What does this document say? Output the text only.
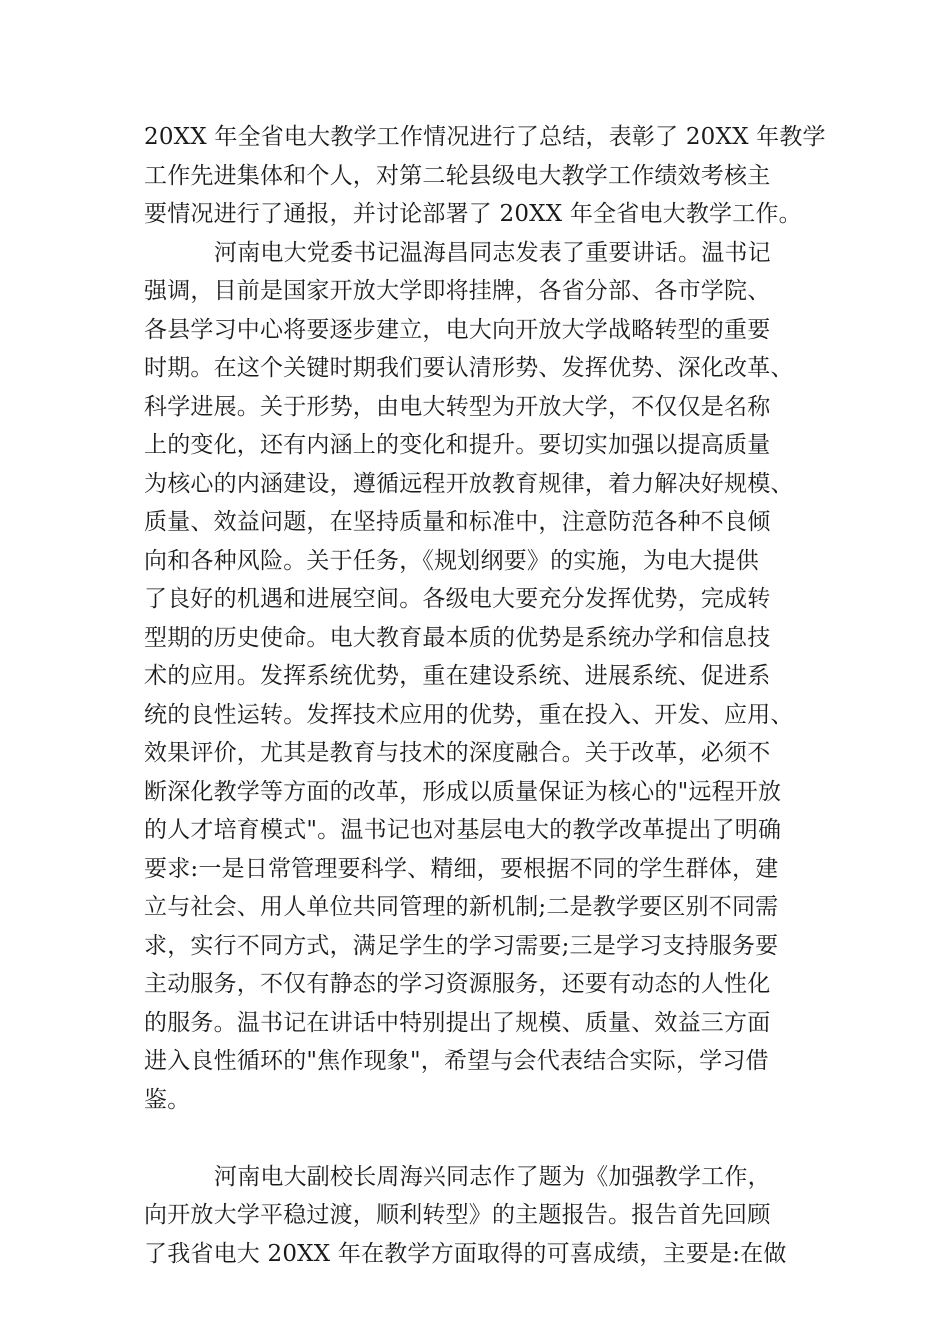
20XX 年全省电大教学工作情况进行了总结，表彰了 20XX 年教学
工作先进集体和个人，对第二轮县级电大教学工作绩效考核主
要情况进行了通报，并讨论部署了 20XX 年全省电大教学工作。
河南电大党委书记温海昌同志发表了重要讲话。温书记
强调，目前是国家开放大学即将挂牌，各省分部、各市学院、
各县学习中心将要逐步建立，电大向开放大学战略转型的重要
时期。在这个关键时期我们要认清形势、发挥优势、深化改革、
科学进展。关于形势，由电大转型为开放大学，不仅仅是名称
上的变化，还有内涵上的变化和提升。要切实加强以提高质量
为核心的内涵建设，遵循远程开放教育规律，着力解决好规模、
质量、效益问题，在坚持质量和标准中，注意防范各种不良倾
向和各种风险。关于任务，《规划纲要》的实施，为电大提供
了良好的机遇和进展空间。各级电大要充分发挥优势，完成转
型期的历史使命。电大教育最本质的优势是系统办学和信息技
术的应用。发挥系统优势，重在建设系统、进展系统、促进系
统的良性运转。发挥技术应用的优势，重在投入、开发、应用、
效果评价，尤其是教育与技术的深度融合。关于改革，必须不
断深化教学等方面的改革，形成以质量保证为核心的"远程开放
的人才培育模式"。温书记也对基层电大的教学改革提出了明确
要求:一是日常管理要科学、精细，要根据不同的学生群体，建
立与社会、用人单位共同管理的新机制;二是教学要区别不同需
求，实行不同方式，满足学生的学习需要;三是学习支持服务要
主动服务，不仅有静态的学习资源服务，还要有动态的人性化
的服务。温书记在讲话中特别提出了规模、质量、效益三方面
进入良性循环的"焦作现象"，希望与会代表结合实际，学习借
鉴。
河南电大副校长周海兴同志作了题为《加强教学工作，
向开放大学平稳过渡，顺利转型》的主题报告。报告首先回顾
了我省电大 20XX 年在教学方面取得的可喜成绩，主要是:在做
